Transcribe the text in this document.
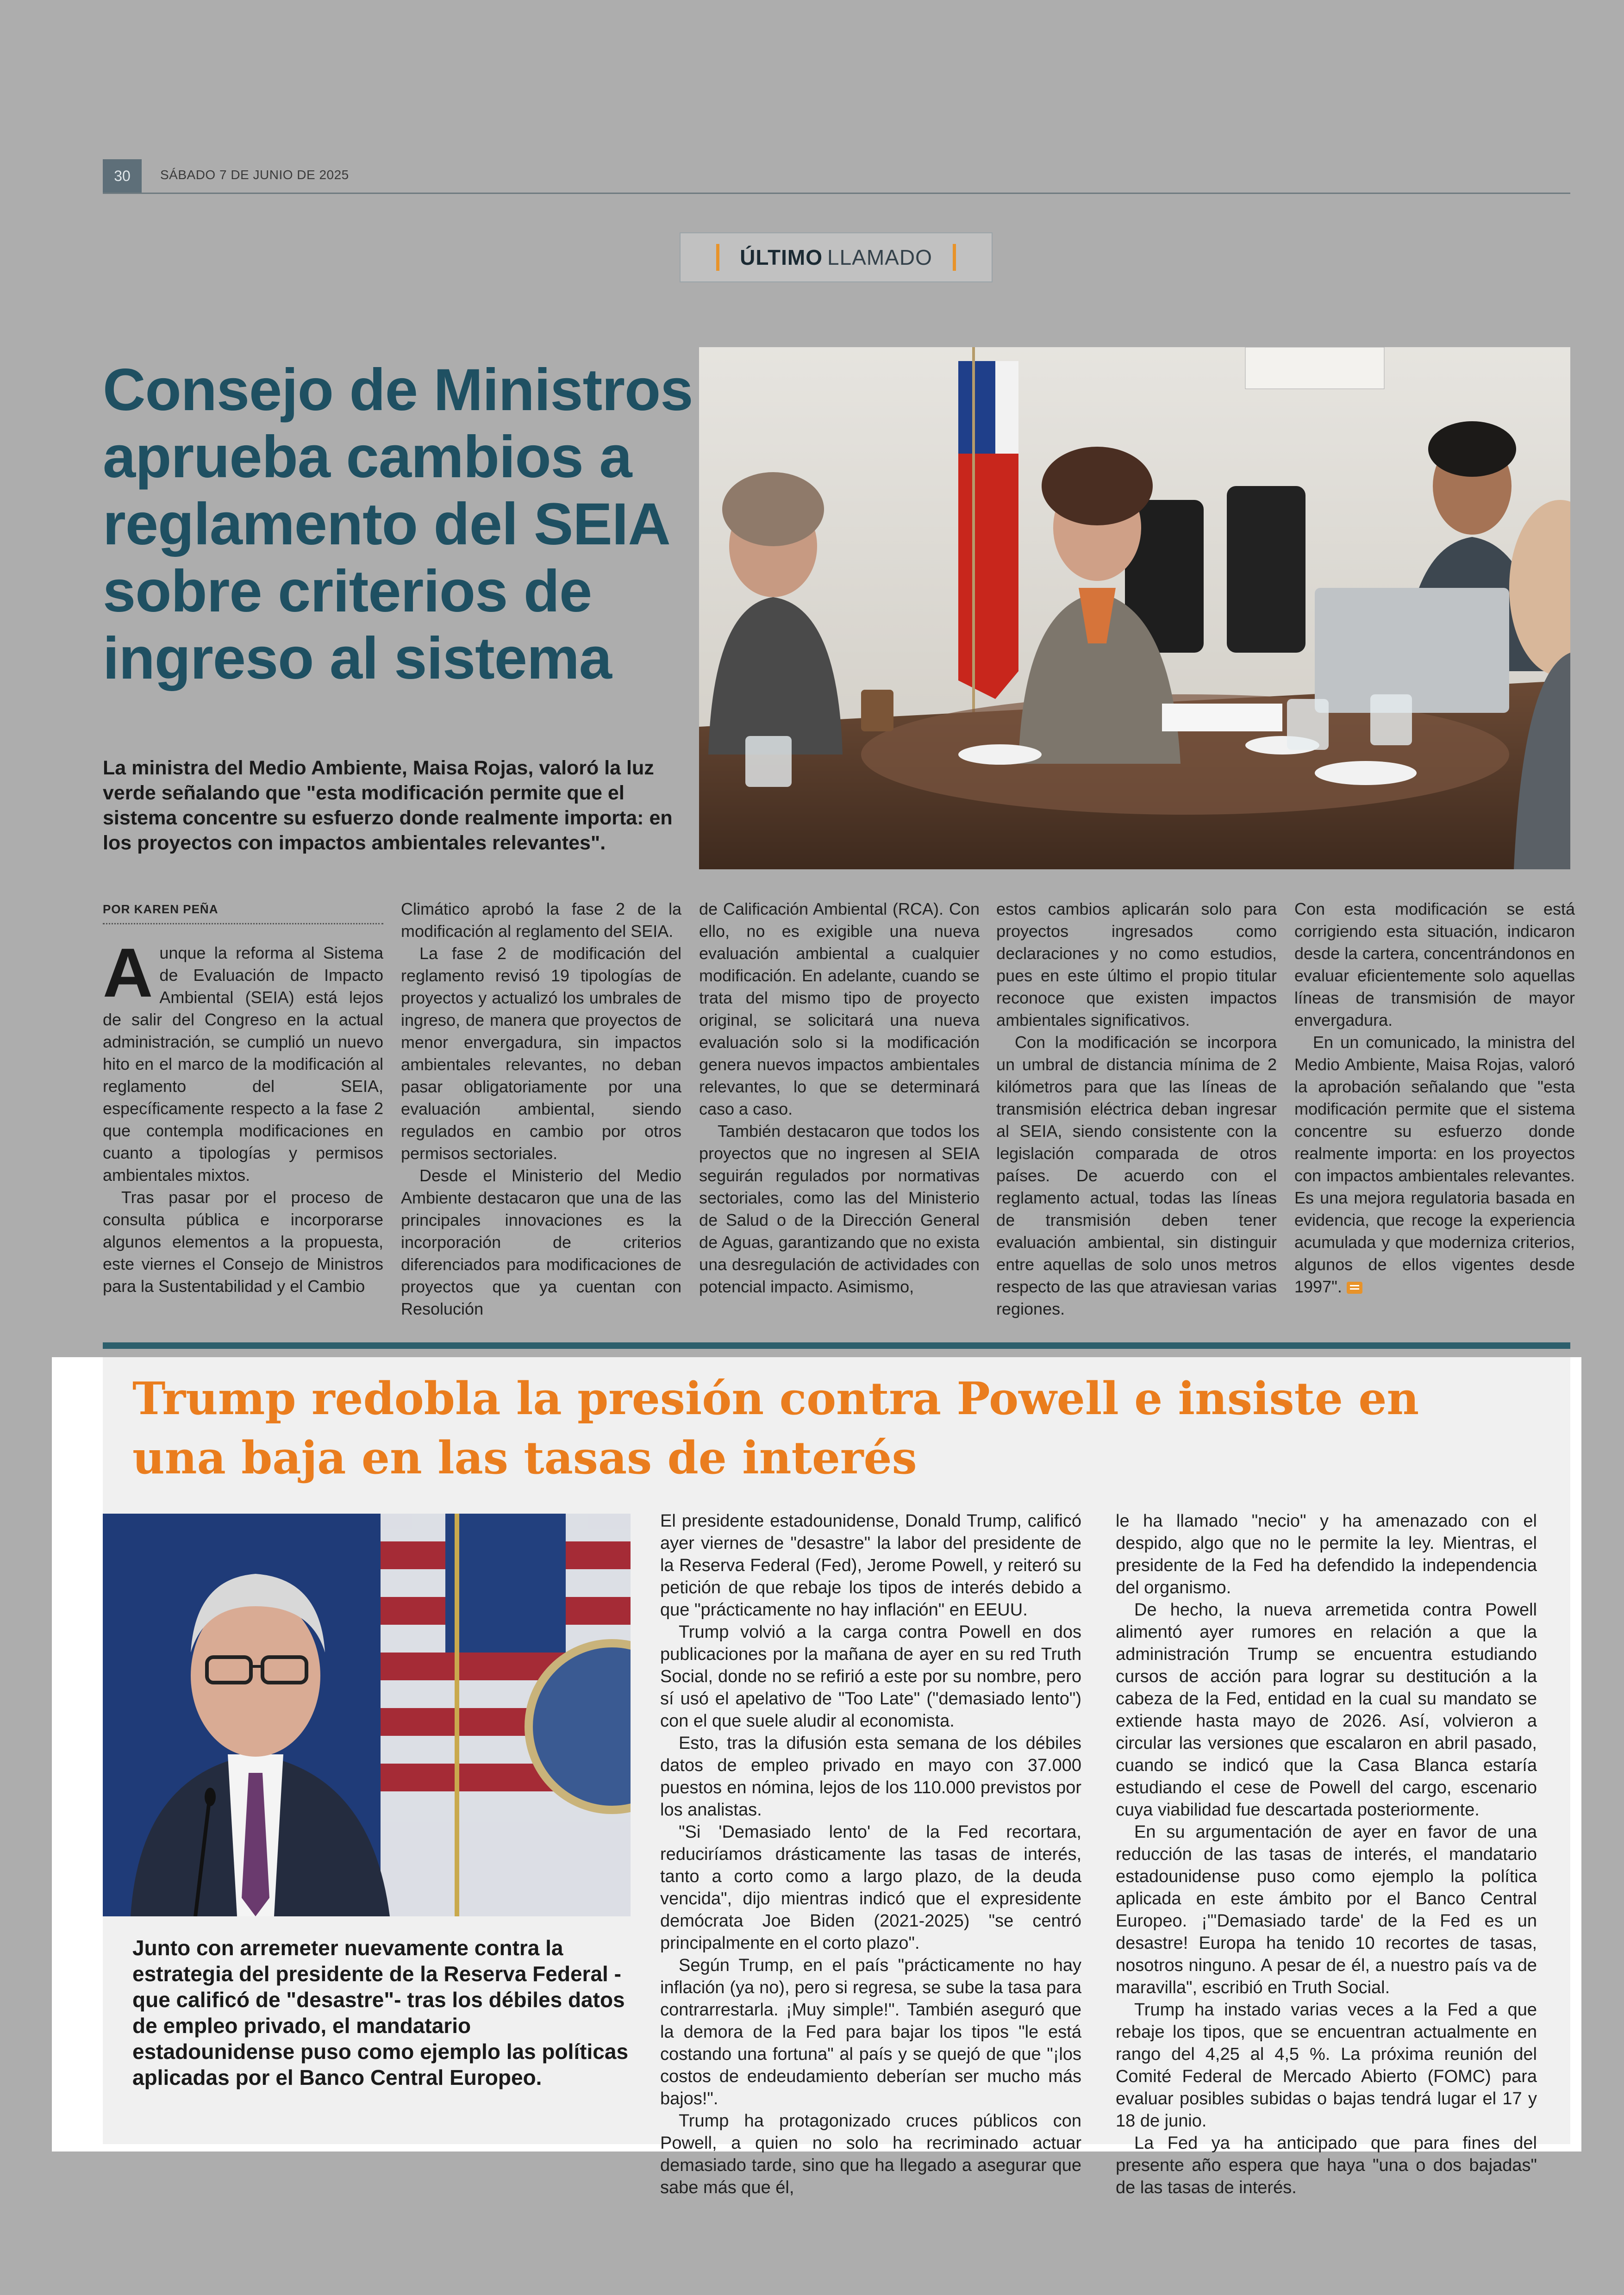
30	SÁBADO 7 DE JUNIO DE 2025
ÚLTIMO LLAMADO
Consejo de Ministros aprueba cambios a reglamento del SEIA sobre criterios de ingreso al sistema

La ministra del Medio Ambiente, Maisa Rojas, valoró la luz verde señalando que "esta modificación permite que el sistema concentre su esfuerzo donde realmente importa: en los proyectos con impactos ambientales relevantes".

POR KAREN PEÑA

Aunque la reforma al Sistema de Evaluación de Impacto Ambiental (SEIA) está lejos de salir del Congreso en la actual administración, se cumplió un nuevo hito en el marco de la modificación al reglamento del SEIA, específicamente respecto a la fase 2 que contempla modificaciones en cuanto a tipologías y permisos ambientales mixtos.

Tras pasar por el proceso de consulta pública e incorporarse algunos elementos a la propuesta, este viernes el Consejo de Ministros para la Sustentabilidad y el Cambio

Climático aprobó la fase 2 de la modificación al reglamento del SEIA.

La fase 2 de modificación del reglamento revisó 19 tipologías de proyectos y actualizó los umbrales de ingreso, de manera que proyectos de menor envergadura, sin impactos ambientales relevantes, no deban pasar obligatoriamente por una evaluación ambiental, siendo regulados en cambio por otros permisos sectoriales.

Desde el Ministerio del Medio Ambiente destacaron que una de las principales innovaciones es la incorporación de criterios diferenciados para modificaciones de proyectos que ya cuentan con Resolución

de Calificación Ambiental (RCA). Con ello, no es exigible una nueva evaluación ambiental a cualquier modificación. En adelante, cuando se trata del mismo tipo de proyecto original, se solicitará una nueva evaluación solo si la modificación genera nuevos impactos ambientales relevantes, lo que se determinará caso a caso.

También destacaron que todos los proyectos que no ingresen al SEIA seguirán regulados por normativas sectoriales, como las del Ministerio de Salud o de la Dirección General de Aguas, garantizando que no exista una desregulación de actividades con potencial impacto. Asimismo,

estos cambios aplicarán solo para proyectos ingresados como declaraciones y no como estudios, pues en este último el propio titular reconoce que existen impactos ambientales significativos.

Con la modificación se incorpora un umbral de distancia mínima de 2 kilómetros para que las líneas de transmisión eléctrica deban ingresar al SEIA, siendo consistente con la legislación comparada de otros países. De acuerdo con el reglamento actual, todas las líneas de transmisión deben tener evaluación ambiental, sin distinguir entre aquellas de solo unos metros respecto de las que atraviesan varias regiones.

Con esta modificación se está corrigiendo esta situación, indicaron desde la cartera, concentrándonos en evaluar eficientemente solo aquellas líneas de transmisión de mayor envergadura.

En un comunicado, la ministra del Medio Ambiente, Maisa Rojas, valoró la aprobación señalando que "esta modificación permite que el sistema concentre su esfuerzo donde realmente importa: en los proyectos con impactos ambientales relevantes. Es una mejora regulatoria basada en evidencia, que recoge la experiencia acumulada y que moderniza criterios, algunos de ellos vigentes desde 1997".

Trump redobla la presión contra Powell e insiste en una baja en las tasas de interés

Junto con arremeter nuevamente contra la estrategia del presidente de la Reserva Federal -que calificó de "desastre"- tras los débiles datos de empleo privado, el mandatario estadounidense puso como ejemplo las políticas aplicadas por el Banco Central Europeo.

El presidente estadounidense, Donald Trump, calificó ayer viernes de "desastre" la labor del presidente de la Reserva Federal (Fed), Jerome Powell, y reiteró su petición de que rebaje los tipos de interés debido a que "prácticamente no hay inflación" en EEUU.

Trump volvió a la carga contra Powell en dos publicaciones por la mañana de ayer en su red Truth Social, donde no se refirió a este por su nombre, pero sí usó el apelativo de "Too Late" ("demasiado lento") con el que suele aludir al economista.

Esto, tras la difusión esta semana de los débiles datos de empleo privado en mayo con 37.000 puestos en nómina, lejos de los 110.000 previstos por los analistas.

"Si 'Demasiado lento' de la Fed recortara, reduciríamos drásticamente las tasas de interés, tanto a corto como a largo plazo, de la deuda vencida", dijo mientras indicó que el expresidente demócrata Joe Biden (2021-2025) "se centró principalmente en el corto plazo".

Según Trump, en el país "prácticamente no hay inflación (ya no), pero si regresa, se sube la tasa para contrarrestarla. ¡Muy simple!". También aseguró que la demora de la Fed para bajar los tipos "le está costando una fortuna" al país y se quejó de que "¡los costos de endeudamiento deberían ser mucho más bajos!".

Trump ha protagonizado cruces públicos con Powell, a quien no solo ha recriminado actuar demasiado tarde, sino que ha llegado a asegurar que sabe más que él,

le ha llamado "necio" y ha amenazado con el despido, algo que no le permite la ley. Mientras, el presidente de la Fed ha defendido la independencia del organismo.

De hecho, la nueva arremetida contra Powell alimentó ayer rumores en relación a que la administración Trump se encuentra estudiando cursos de acción para lograr su destitución a la cabeza de la Fed, entidad en la cual su mandato se extiende hasta mayo de 2026. Así, volvieron a circular las versiones que escalaron en abril pasado, cuando se indicó que la Casa Blanca estaría estudiando el cese de Powell del cargo, escenario cuya viabilidad fue descartada posteriormente.

En su argumentación de ayer en favor de una reducción de las tasas de interés, el mandatario estadounidense puso como ejemplo la política aplicada en este ámbito por el Banco Central Europeo. ¡"'Demasiado tarde' de la Fed es un desastre! Europa ha tenido 10 recortes de tasas, nosotros ninguno. A pesar de él, a nuestro país va de maravilla", escribió en Truth Social.

Trump ha instado varias veces a la Fed a que rebaje los tipos, que se encuentran actualmente en rango del 4,25 al 4,5 %. La próxima reunión del Comité Federal de Mercado Abierto (FOMC) para evaluar posibles subidas o bajas tendrá lugar el 17 y 18 de junio.

La Fed ya ha anticipado que para fines del presente año espera que haya "una o dos bajadas" de las tasas de interés.
